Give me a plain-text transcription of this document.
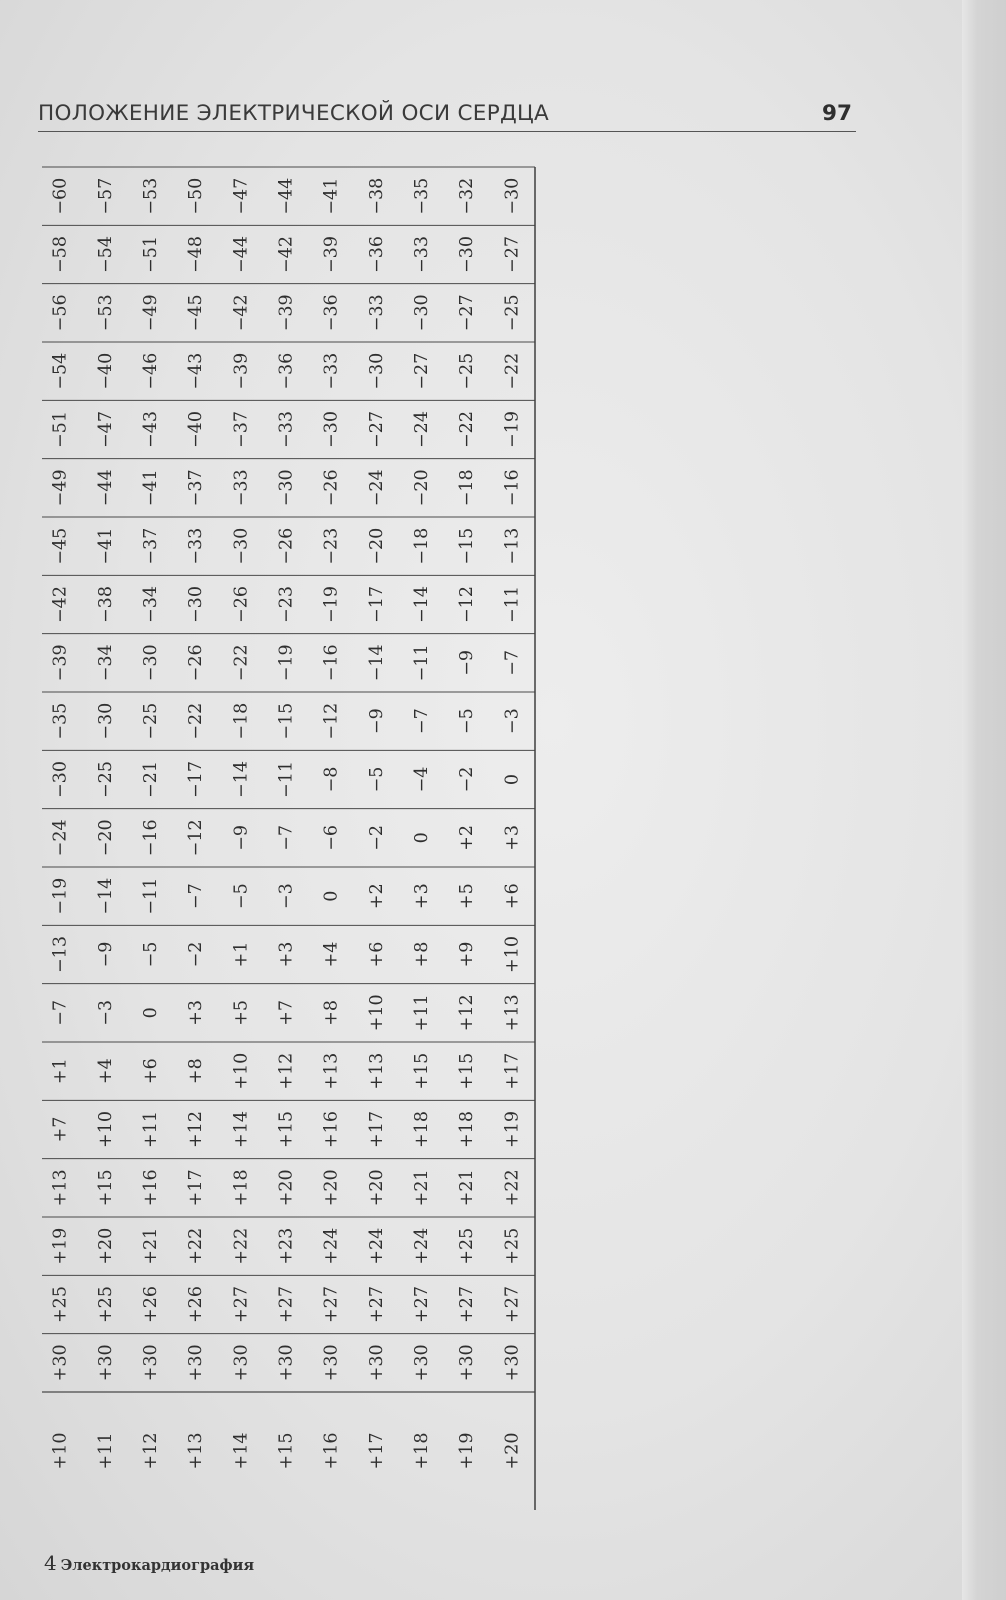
ПОЛОЖЕНИЕ ЭЛЕКТРИЧЕСКОЙ ОСИ СЕРДЦА	97
+10
+30
+25
+19
+13
+7
+1
−7
−13
−19
−24
−30
−35
−39
−42
−45
−49
−51
−54
−56
−58
−60
+11
+30
+25
+20
+15
+10
+4
−3
−9
−14
−20
−25
−30
−34
−38
−41
−44
−47
−40
−53
−54
−57
+12
+30
+26
+21
+16
+11
+6
0
−5
−11
−16
−21
−25
−30
−34
−37
−41
−43
−46
−49
−51
−53
+13
+30
+26
+22
+17
+12
+8
+3
−2
−7
−12
−17
−22
−26
−30
−33
−37
−40
−43
−45
−48
−50
+14
+30
+27
+22
+18
+14
+10
+5
+1
−5
−9
−14
−18
−22
−26
−30
−33
−37
−39
−42
−44
−47
+15
+30
+27
+23
+20
+15
+12
+7
+3
−3
−7
−11
−15
−19
−23
−26
−30
−33
−36
−39
−42
−44
+16
+30
+27
+24
+20
+16
+13
+8
+4
0
−6
−8
−12
−16
−19
−23
−26
−30
−33
−36
−39
−41
+17
+30
+27
+24
+20
+17
+13
+10
+6
+2
−2
−5
−9
−14
−17
−20
−24
−27
−30
−33
−36
−38
+18
+30
+27
+24
+21
+18
+15
+11
+8
+3
0
−4
−7
−11
−14
−18
−20
−24
−27
−30
−33
−35
+19
+30
+27
+25
+21
+18
+15
+12
+9
+5
+2
−2
−5
−9
−12
−15
−18
−22
−25
−27
−30
−32
+20
+30
+27
+25
+22
+19
+17
+13
+10
+6
+3
0
−3
−7
−11
−13
−16
−19
−22
−25
−27
−30
4 Электрокардиография
